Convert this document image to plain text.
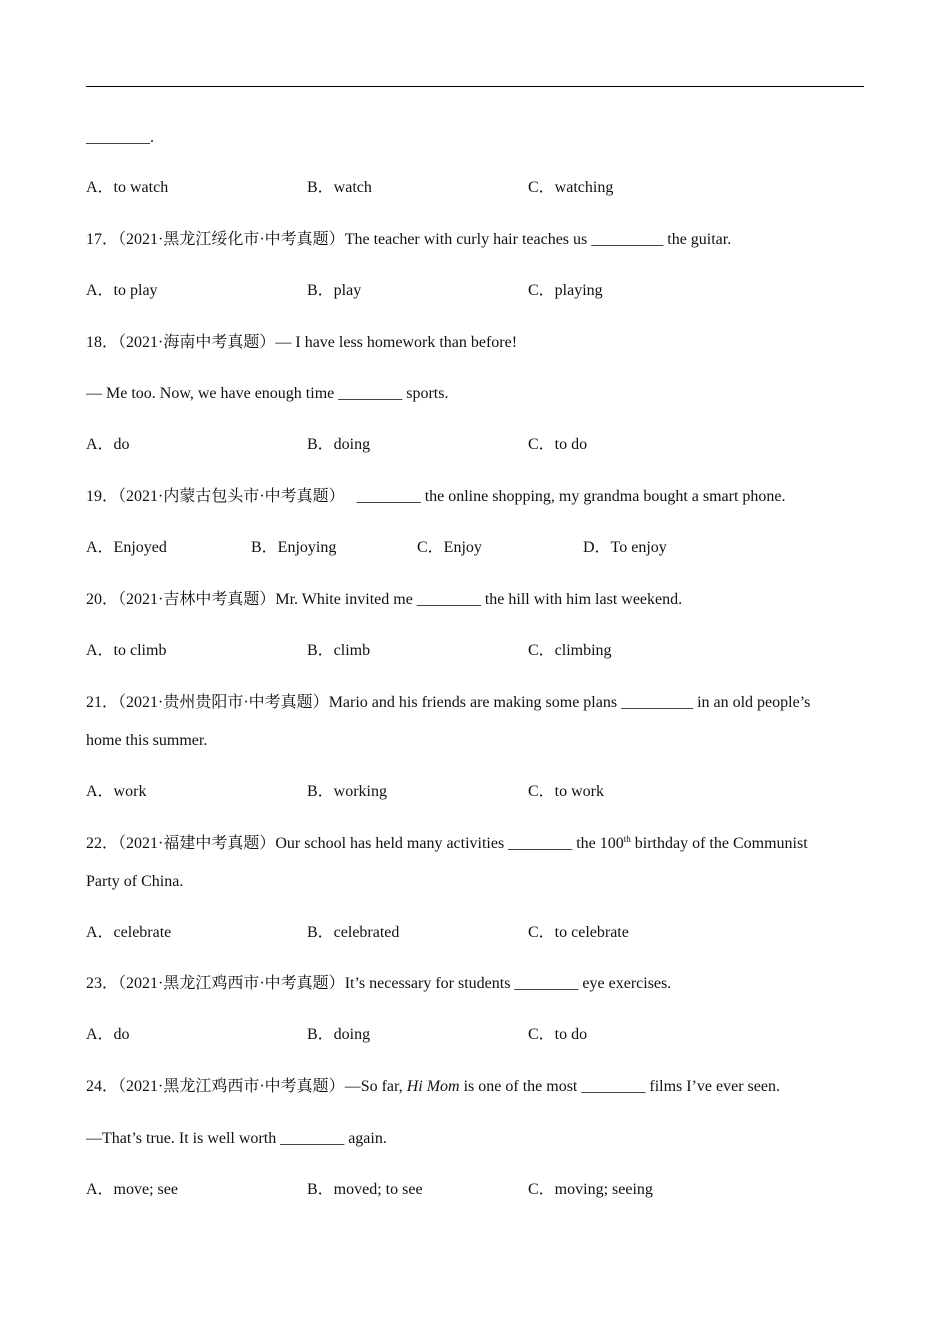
________.
A．to watch	B．watch	C．watching
17．（2021·黑龙江绥化市·中考真题）The teacher with curly hair teaches us _________ the guitar.
A．to play	B．play	C．playing
18．（2021·海南中考真题）— I have less homework than before!
— Me too. Now, we have enough time ________ sports.
A．do	B．doing	C．to do
19．（2021·内蒙古包头市·中考真题） ________ the online shopping, my grandma bought a smart phone.
A．Enjoyed	B．Enjoying	C．Enjoy	D．To enjoy
20．（2021·吉林中考真题）Mr. White invited me ________ the hill with him last weekend.
A．to climb	B．climb	C．climbing
21．（2021·贵州贵阳市·中考真题）Mario and his friends are making some plans _________ in an old people’s
home this summer.
A．work	B．working	C．to work
22．（2021·福建中考真题）Our school has held many activities ________ the 100th birthday of the Communist
Party of China.
A．celebrate	B．celebrated	C．to celebrate
23．（2021·黑龙江鸡西市·中考真题）It’s necessary for students ________ eye exercises.
A．do	B．doing	C．to do
24．（2021·黑龙江鸡西市·中考真题）—So far, Hi Mom is one of the most ________ films I’ve ever seen.
—That’s true. It is well worth ________ again.
A．move; see	B．moved; to see	C．moving; seeing
